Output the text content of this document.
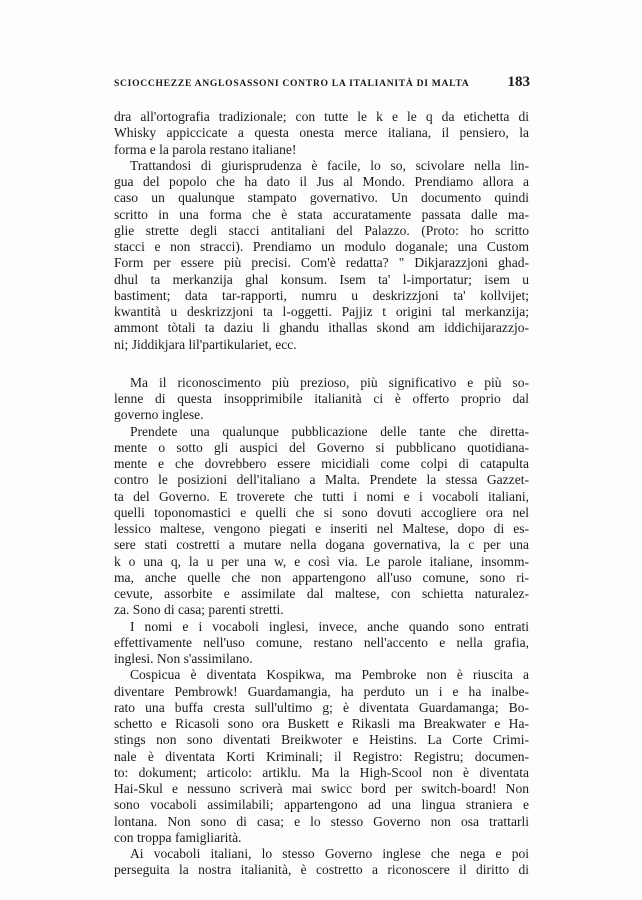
SCIOCCHEZZE ANGLOSASSONI CONTRO LA ITALIANITÀ DI MALTA	183
dra all'ortografia tradizionale; con tutte le k e le q da etichetta di
Whisky appiccicate a questa onesta merce italiana, il pensiero, la
forma e la parola restano italiane!
Trattandosi di giurisprudenza è facile, lo so, scivolare nella lin-
gua del popolo che ha dato il Jus al Mondo. Prendiamo allora a
caso un qualunque stampato governativo. Un documento quindi
scritto in una forma che è stata accuratamente passata dalle ma-
glie strette degli stacci antitaliani del Palazzo. (Proto: ho scritto
stacci e non stracci). Prendiamo un modulo doganale; una Custom
Form per essere più precisi. Com'è redatta? " Dikjarazzjoni ghad-
dhul ta merkanzija ghal konsum. Isem ta' l-importatur; isem u
bastiment; data tar-rapporti, numru u deskrizzjoni ta' kollvijet;
kwantità u deskrizzjoni ta l-oggetti. Pajjiz t origini tal merkanzija;
ammont tòtali ta daziu li ghandu ithallas skond am iddichijarazzjo-
ni; Jiddikjara lil'partikulariet, ecc.
Ma il riconoscimento più prezioso, più significativo e più so-
lenne di questa insopprimibile italianità ci è offerto proprio dal
governo inglese.
Prendete una qualunque pubblicazione delle tante che diretta-
mente o sotto gli auspici del Governo si pubblicano quotidiana-
mente e che dovrebbero essere micidiali come colpi di catapulta
contro le posizioni dell'italiano a Malta. Prendete la stessa Gazzet-
ta del Governo. E troverete che tutti i nomi e i vocaboli italiani,
quelli toponomastici e quelli che si sono dovuti accogliere ora nel
lessico maltese, vengono piegati e inseriti nel Maltese, dopo di es-
sere stati costretti a mutare nella dogana governativa, la c per una
k o una q, la u per una w, e così via. Le parole italiane, insomm-
ma, anche quelle che non appartengono all'uso comune, sono ri-
cevute, assorbite e assimilate dal maltese, con schietta naturalez-
za. Sono di casa; parenti stretti.
I nomi e i vocaboli inglesi, invece, anche quando sono entrati
effettivamente nell'uso comune, restano nell'accento e nella grafia,
inglesi. Non s'assimilano.
Cospicua è diventata Kospikwa, ma Pembroke non è riuscita a
diventare Pembrowk! Guardamangia, ha perduto un i e ha inalbe-
rato una buffa cresta sull'ultimo g; è diventata Guardamanga; Bo-
schetto e Ricasoli sono ora Buskett e Rikasli ma Breakwater e Ha-
stings non sono diventati Breikwoter e Heistins. La Corte Crimi-
nale è diventata Korti Kriminali; il Registro: Registru; documen-
to: dokument; articolo: artiklu. Ma la High-Scool non è diventata
Hai-Skul e nessuno scriverà mai swicc bord per switch-board! Non
sono vocaboli assimilabili; appartengono ad una lingua straniera e
lontana. Non sono di casa; e lo stesso Governo non osa trattarli
con troppa famigliarità.
Ai vocaboli italiani, lo stesso Governo inglese che nega e poi
perseguita la nostra italianità, è costretto a riconoscere il diritto di
